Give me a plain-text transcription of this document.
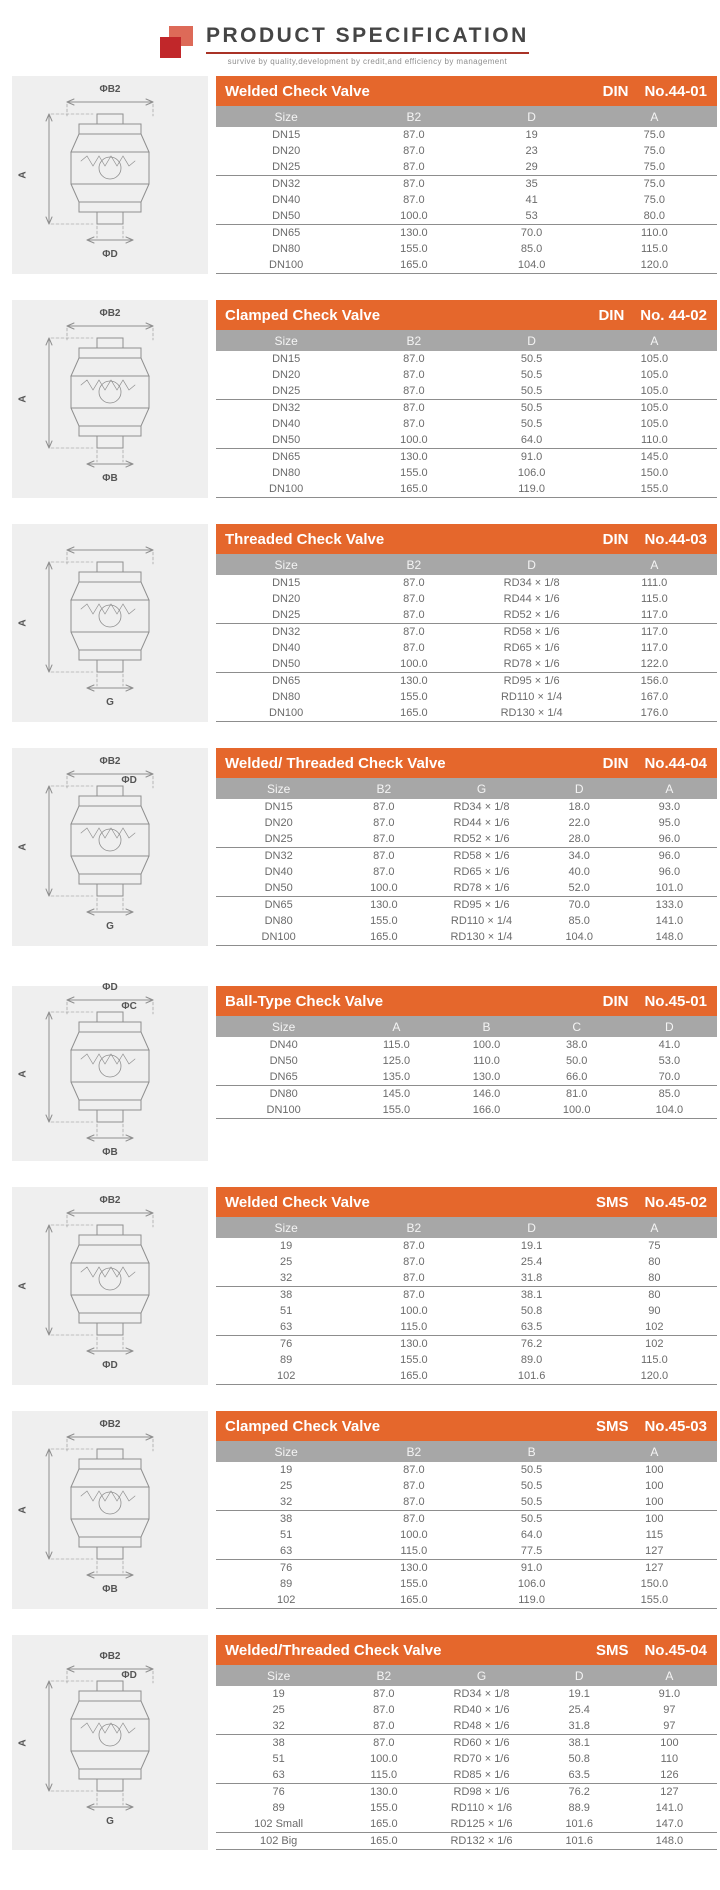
PRODUCT SPECIFICATION
survive by quality,development by credit,and efficiency by management
ΦB2
A
ΦD
Welded Check Valve	DIN No.44-01
Size	B2	D	A
DN15	87.0	19	75.0
DN20	87.0	23	75.0
DN25	87.0	29	75.0
DN32	87.0	35	75.0
DN40	87.0	41	75.0
DN50	100.0	53	80.0
DN65	130.0	70.0	110.0
DN80	155.0	85.0	115.0
DN100	165.0	104.0	120.0
ΦB2
A
ΦB
Clamped Check Valve	DIN No. 44-02
Size	B2	D	A
DN15	87.0	50.5	105.0
DN20	87.0	50.5	105.0
DN25	87.0	50.5	105.0
DN32	87.0	50.5	105.0
DN40	87.0	50.5	105.0
DN50	100.0	64.0	110.0
DN65	130.0	91.0	145.0
DN80	155.0	106.0	150.0
DN100	165.0	119.0	155.0
A
G
Threaded Check Valve	DIN No.44-03
Size	B2	D	A
DN15	87.0	RD34 × 1/8	111.0
DN20	87.0	RD44 × 1/6	115.0
DN25	87.0	RD52 × 1/6	117.0
DN32	87.0	RD58 × 1/6	117.0
DN40	87.0	RD65 × 1/6	117.0
DN50	100.0	RD78 × 1/6	122.0
DN65	130.0	RD95 × 1/6	156.0
DN80	155.0	RD110 × 1/4	167.0
DN100	165.0	RD130 × 1/4	176.0
ΦB2
ΦD
A
G
Welded/ Threaded Check Valve	DIN No.44-04
Size	B2	G	D	A
DN15	87.0	RD34 × 1/8	18.0	93.0
DN20	87.0	RD44 × 1/6	22.0	95.0
DN25	87.0	RD52 × 1/6	28.0	96.0
DN32	87.0	RD58 × 1/6	34.0	96.0
DN40	87.0	RD65 × 1/6	40.0	96.0
DN50	100.0	RD78 × 1/6	52.0	101.0
DN65	130.0	RD95 × 1/6	70.0	133.0
DN80	155.0	RD110 × 1/4	85.0	141.0
DN100	165.0	RD130 × 1/4	104.0	148.0
ΦD
ΦC
A
ΦB
Ball-Type Check Valve	DIN No.45-01
Size	A	B	C	D
DN40	115.0	100.0	38.0	41.0
DN50	125.0	110.0	50.0	53.0
DN65	135.0	130.0	66.0	70.0
DN80	145.0	146.0	81.0	85.0
DN100	155.0	166.0	100.0	104.0
ΦB2
A
ΦD
Welded Check Valve	SMS No.45-02
Size	B2	D	A
19	87.0	19.1	75
25	87.0	25.4	80
32	87.0	31.8	80
38	87.0	38.1	80
51	100.0	50.8	90
63	115.0	63.5	102
76	130.0	76.2	102
89	155.0	89.0	115.0
102	165.0	101.6	120.0
ΦB2
A
ΦB
Clamped Check Valve	SMS No.45-03
Size	B2	B	A
19	87.0	50.5	100
25	87.0	50.5	100
32	87.0	50.5	100
38	87.0	50.5	100
51	100.0	64.0	115
63	115.0	77.5	127
76	130.0	91.0	127
89	155.0	106.0	150.0
102	165.0	119.0	155.0
ΦB2
ΦD
A
G
Welded/Threaded Check Valve	SMS No.45-04
Size	B2	G	D	A
19	87.0	RD34 × 1/8	19.1	91.0
25	87.0	RD40 × 1/6	25.4	97
32	87.0	RD48 × 1/6	31.8	97
38	87.0	RD60 × 1/6	38.1	100
51	100.0	RD70 × 1/6	50.8	110
63	115.0	RD85 × 1/6	63.5	126
76	130.0	RD98 × 1/6	76.2	127
89	155.0	RD110 × 1/6	88.9	141.0
102 Small	165.0	RD125 × 1/6	101.6	147.0
102 Big	165.0	RD132 × 1/6	101.6	148.0
